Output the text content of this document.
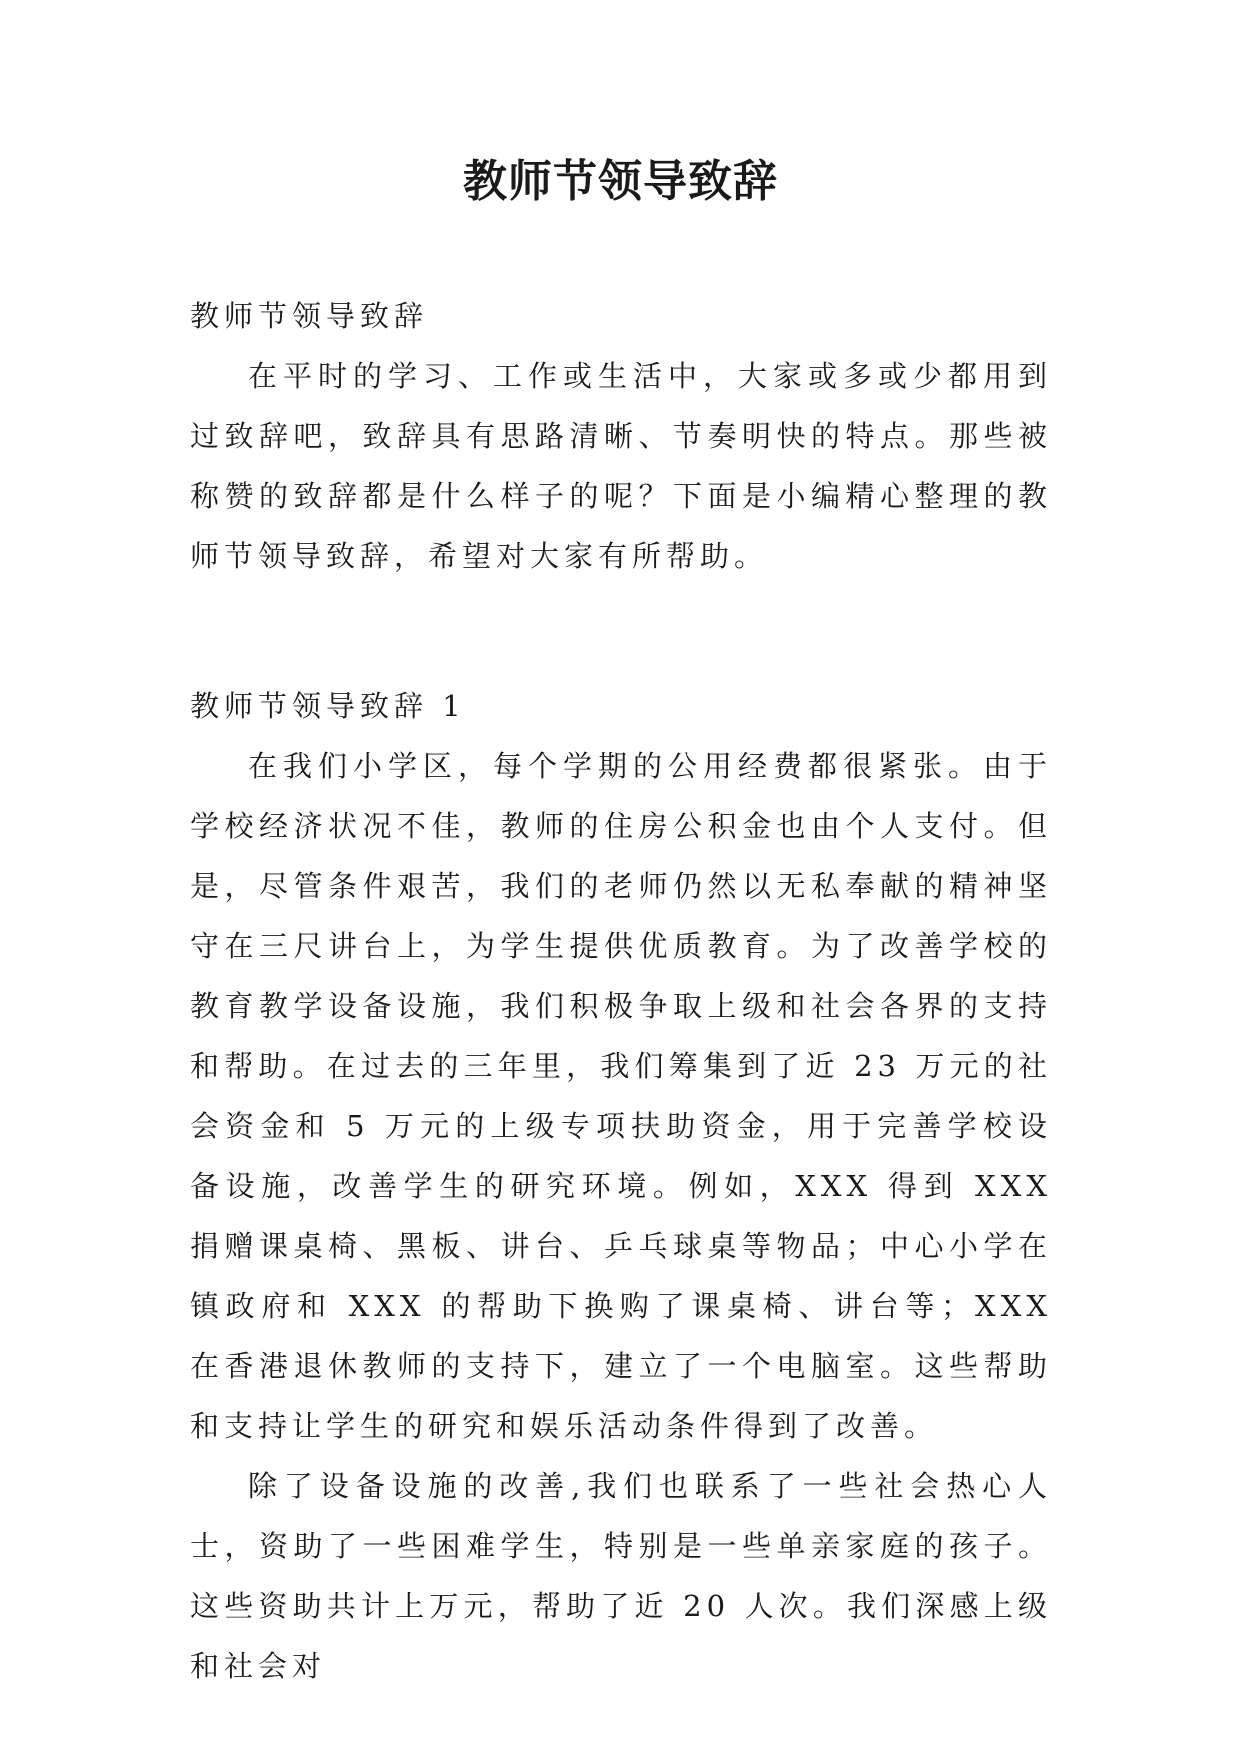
教师节领导致辞
教师节领导致辞

在平时的学习、工作或生活中，大家或多或少都用到过致辞吧，致辞具有思路清晰、节奏明快的特点。那些被称赞的致辞都是什么样子的呢？下面是小编精心整理的教师节领导致辞，希望对大家有所帮助。

教师节领导致辞 1

在我们小学区，每个学期的公用经费都很紧张。由于学校经济状况不佳，教师的住房公积金也由个人支付。但是，尽管条件艰苦，我们的老师仍然以无私奉献的精神坚守在三尺讲台上，为学生提供优质教育。为了改善学校的教育教学设备设施，我们积极争取上级和社会各界的支持和帮助。在过去的三年里，我们筹集到了近 23 万元的社会资金和 5 万元的上级专项扶助资金，用于完善学校设备设施，改善学生的研究环境。例如，XXX 得到 XXX 捐赠课桌椅、黑板、讲台、乒乓球桌等物品；中心小学在镇政府和 XXX 的帮助下换购了课桌椅、讲台等；XXX 在香港退休教师的支持下，建立了一个电脑室。这些帮助和支持让学生的研究和娱乐活动条件得到了改善。

除了设备设施的改善,我们也联系了一些社会热心人士，资助了一些困难学生，特别是一些单亲家庭的孩子。这些资助共计上万元，帮助了近 20 人次。我们深感上级和社会对
